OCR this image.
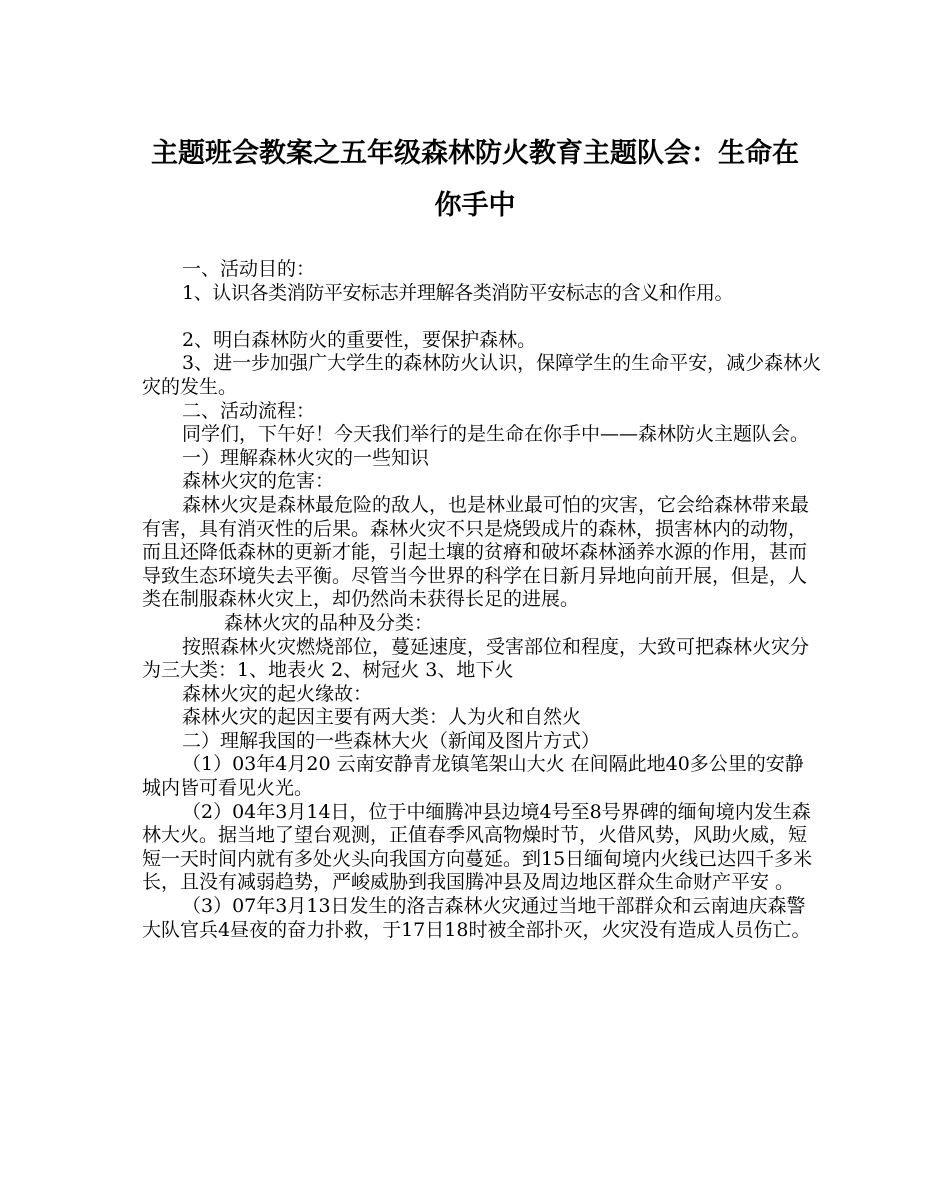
主题班会教案之五年级森林防火教育主题队会：生命在
你手中

一、活动目的：

1、认识各类消防平安标志并理解各类消防平安标志的含义和作用。

2、明白森林防火的重要性，要保护森林。

3、进一步加强广大学生的森林防火认识，保障学生的生命平安，减少森林火灾的发生。

二、活动流程：

同学们，下午好！今天我们举行的是生命在你手中——森林防火主题队会。

一）理解森林火灾的一些知识

森林火灾的危害：

森林火灾是森林最危险的敌人，也是林业最可怕的灾害，它会给森林带来最有害，具有消灭性的后果。森林火灾不只是烧毁成片的森林，损害林内的动物，而且还降低森林的更新才能，引起土壤的贫瘠和破坏森林涵养水源的作用，甚而导致生态环境失去平衡。尽管当今世界的科学在日新月异地向前开展，但是，人类在制服森林火灾上，却仍然尚未获得长足的进展。

森林火灾的品种及分类：

按照森林火灾燃烧部位，蔓延速度，受害部位和程度，大致可把森林火灾分为三大类：1、地表火 2、树冠火 3、地下火

森林火灾的起火缘故：

森林火灾的起因主要有两大类：人为火和自然火

二）理解我国的一些森林大火（新闻及图片方式）

（1）03年4月20 云南安静青龙镇笔架山大火 在间隔此地40多公里的安静城内皆可看见火光。

（2）04年3月14日，位于中缅腾冲县边境4号至8号界碑的缅甸境内发生森林大火。据当地了望台观测，正值春季风高物燥时节，火借风势，风助火威，短短一天时间内就有多处火头向我国方向蔓延。到15日缅甸境内火线已达四千多米长，且没有减弱趋势，严峻威胁到我国腾冲县及周边地区群众生命财产平安 。

（3）07年3月13日发生的洛吉森林火灾通过当地干部群众和云南迪庆森警大队官兵4昼夜的奋力扑救，于17日18时被全部扑灭，火灾没有造成人员伤亡。
